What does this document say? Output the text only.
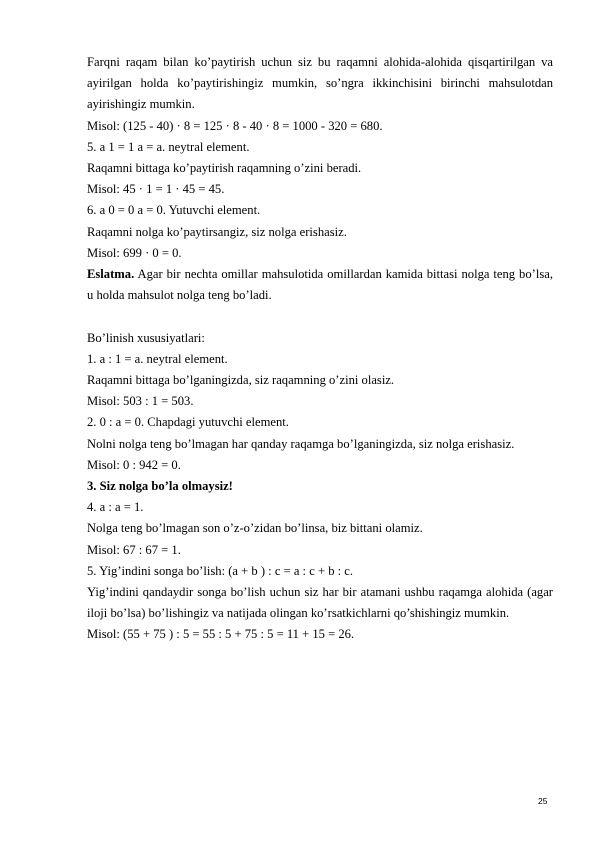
Farqni raqam bilan ko’paytirish uchun siz bu raqamni alohida-alohida qisqartirilgan va ayirilgan holda ko’paytirishingiz mumkin, so’ngra ikkinchisini birinchi mahsulotdan ayirishingiz mumkin.

Misol: (125 - 40) · 8 = 125 · 8 - 40 · 8 = 1000 - 320 = 680.

5. a 1 = 1 a = a. neytral element.

Raqamni bittaga ko’paytirish raqamning o’zini beradi.

Misol: 45 · 1 = 1 · 45 = 45.

6. a 0 = 0 a = 0. Yutuvchi element.

Raqamni nolga ko’paytirsangiz, siz nolga erishasiz.

Misol: 699 · 0 = 0.

Eslatma. Agar bir nechta omillar mahsulotida omillardan kamida bittasi nolga teng bo’lsa, u holda mahsulot nolga teng bo’ladi.

Bo’linish xususiyatlari:

1. a : 1 = a. neytral element.

Raqamni bittaga bo’lganingizda, siz raqamning o’zini olasiz.

Misol: 503 : 1 = 503.

2. 0 : a = 0. Chapdagi yutuvchi element.

Nolni nolga teng bo’lmagan har qanday raqamga bo’lganingizda, siz nolga erishasiz.

Misol: 0 : 942 = 0.

3. Siz nolga bo’la olmaysiz!

4. a : a = 1.

Nolga teng bo’lmagan son o’z-o’zidan bo’linsa, biz bittani olamiz.

Misol: 67 : 67 = 1.

5. Yig’indini songa bo’lish: (a + b ) : c = a : c + b : c.

Yig’indini qandaydir songa bo’lish uchun siz har bir atamani ushbu raqamga alohida (agar iloji bo’lsa) bo’lishingiz va natijada olingan ko’rsatkichlarni qo’shishingiz mumkin.

Misol: (55 + 75 ) : 5 = 55 : 5 + 75 : 5 = 11 + 15 = 26.

25
